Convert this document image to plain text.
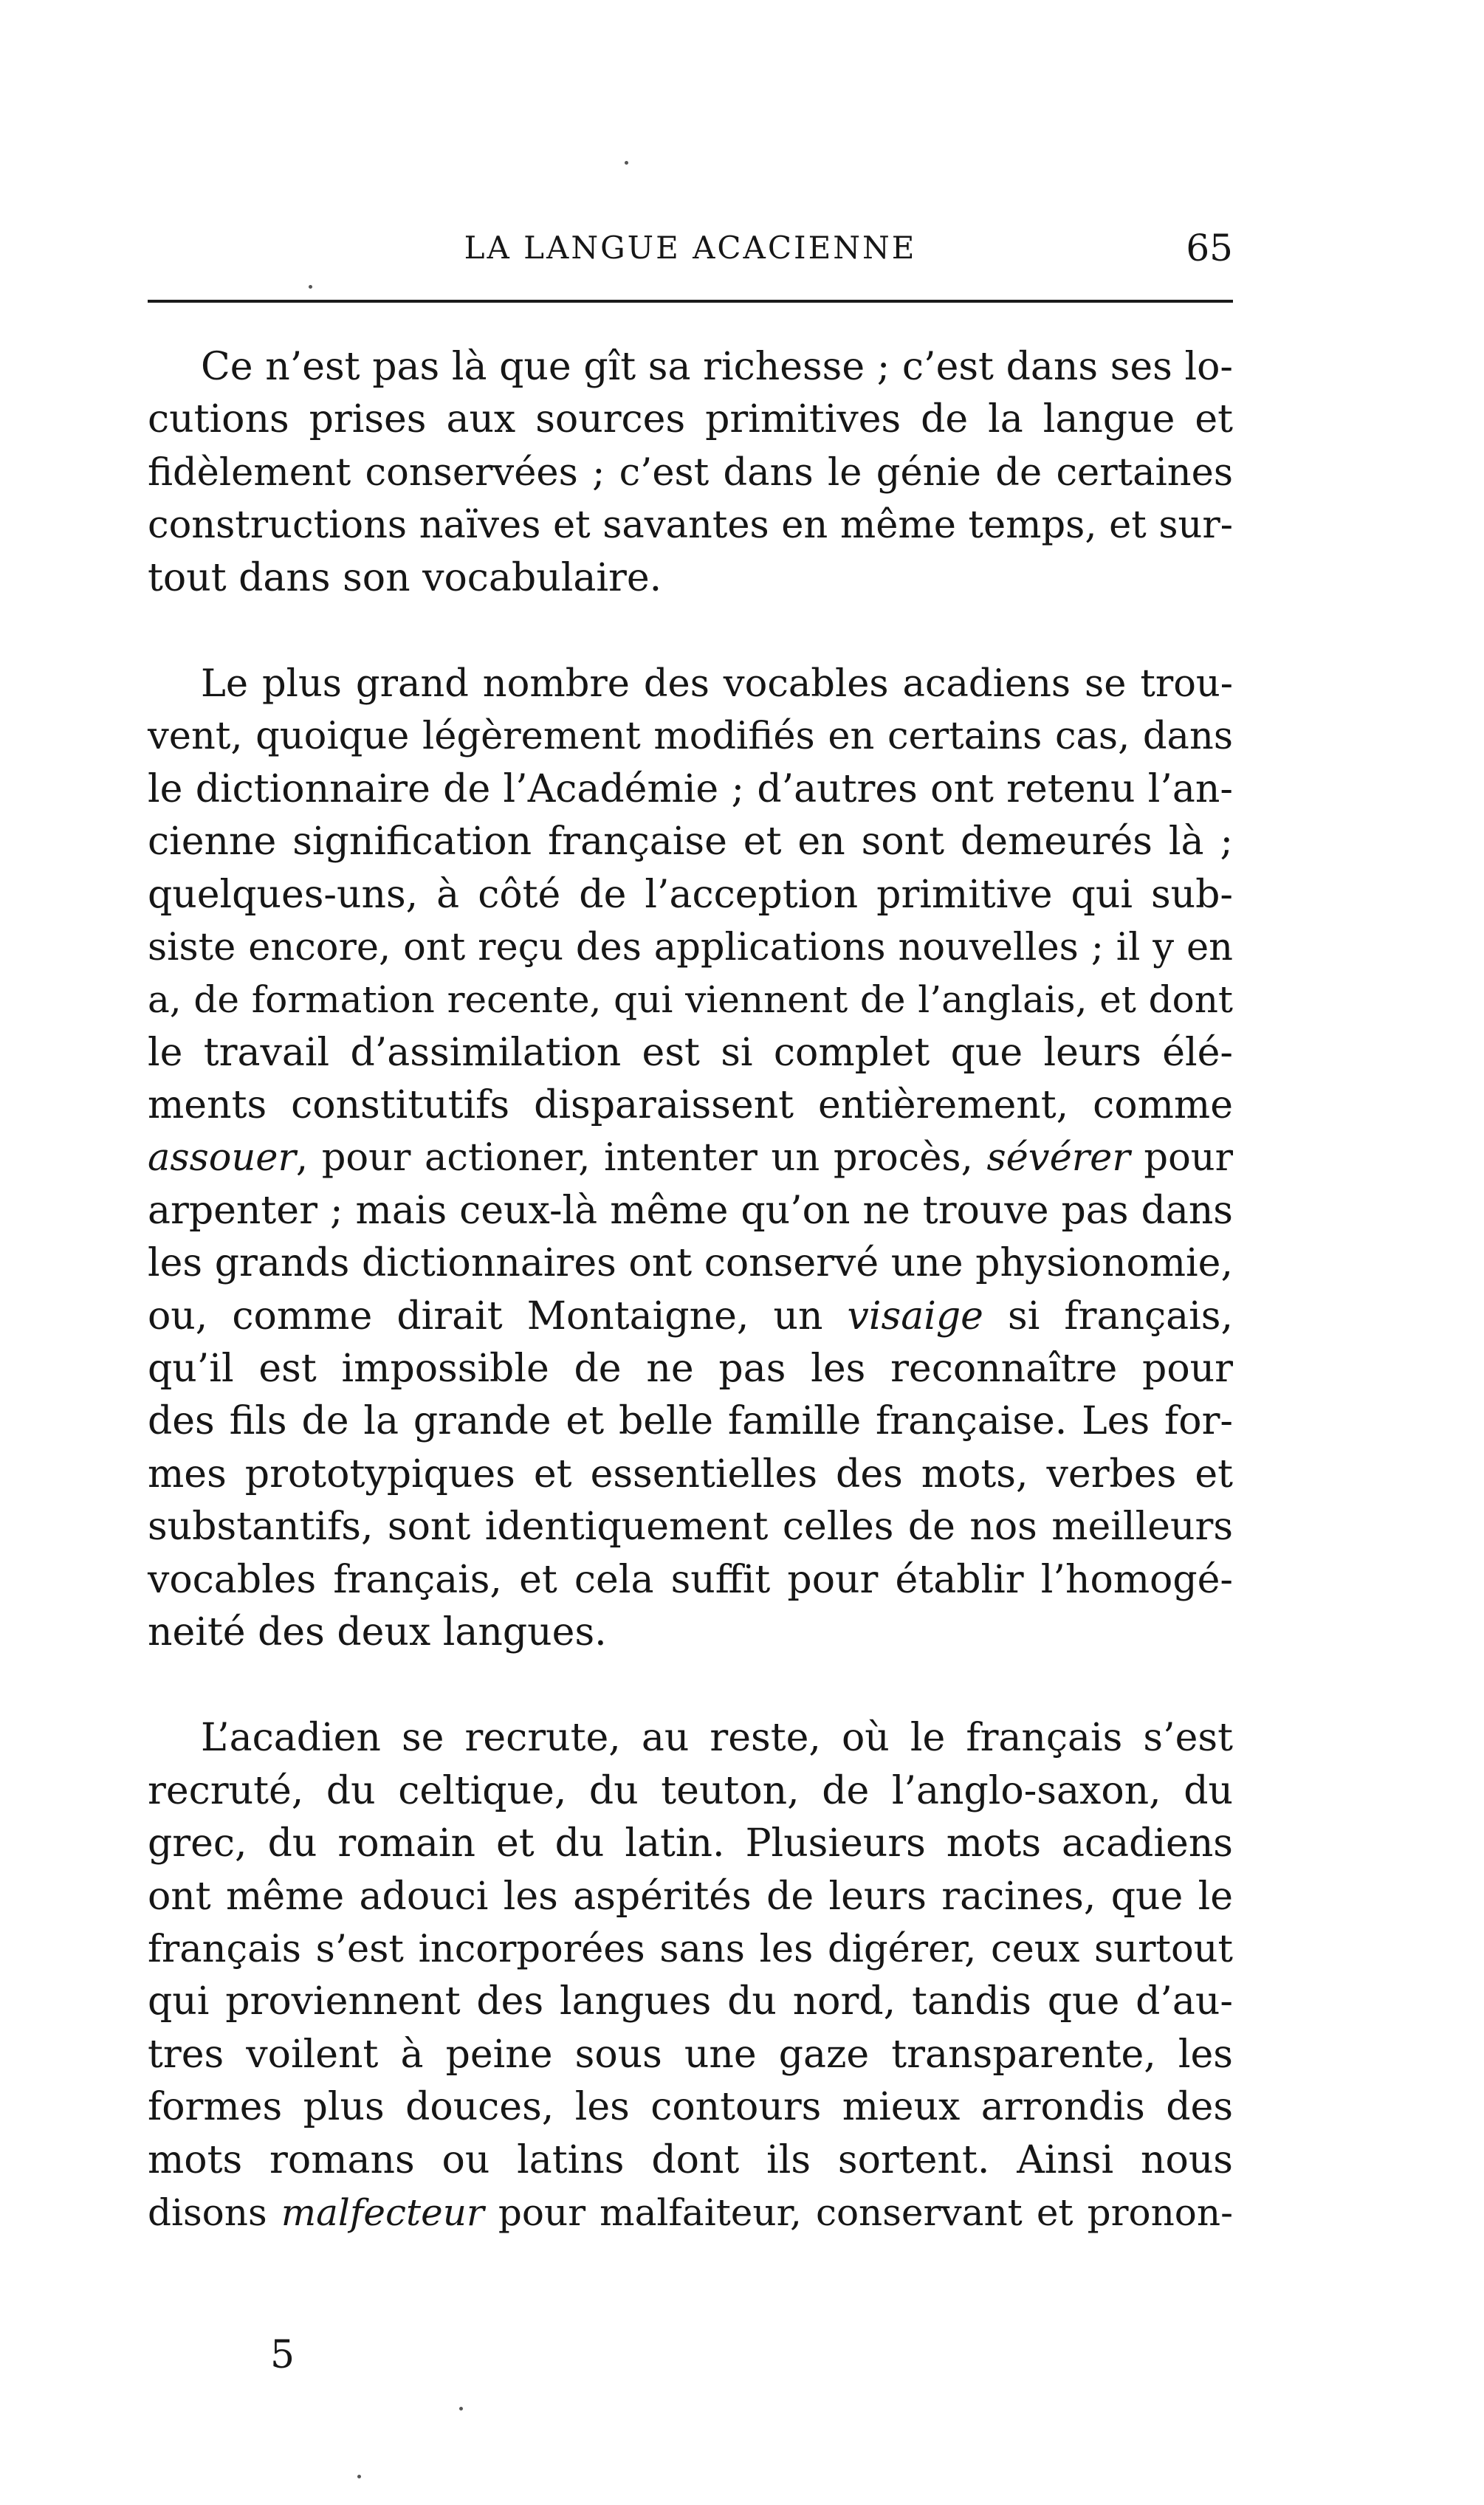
LA LANGUE ACACIENNE	65

Ce n’est pas là que gît sa richesse ; c’est dans ses lo-
cutions prises aux sources primitives de la langue et
fidèlement conservées ; c’est dans le génie de certaines
constructions naïves et savantes en même temps, et sur-
tout dans son vocabulaire.

Le plus grand nombre des vocables acadiens se trou-
vent, quoique légèrement modifiés en certains cas, dans
le dictionnaire de l’Académie ; d’autres ont retenu l’an-
cienne signification française et en sont demeurés là ;
quelques-uns, à côté de l’acception primitive qui sub-
siste encore, ont reçu des applications nouvelles ; il y en
a, de formation recente, qui viennent de l’anglais, et dont
le travail d’assimilation est si complet que leurs élé-
ments constitutifs disparaissent entièrement, comme
assouer, pour actioner, intenter un procès, sévérer pour
arpenter ; mais ceux-là même qu’on ne trouve pas dans
les grands dictionnaires ont conservé une physionomie,
ou, comme dirait Montaigne, un visaige si français,
qu’il est impossible de ne pas les reconnaître pour
des fils de la grande et belle famille française. Les for-
mes prototypiques et essentielles des mots, verbes et
substantifs, sont identiquement celles de nos meilleurs
vocables français, et cela suffit pour établir l’homogé-
neité des deux langues.

L’acadien se recrute, au reste, où le français s’est
recruté, du celtique, du teuton, de l’anglo-saxon, du
grec, du romain et du latin. Plusieurs mots acadiens
ont même adouci les aspérités de leurs racines, que le
français s’est incorporées sans les digérer, ceux surtout
qui proviennent des langues du nord, tandis que d’au-
tres voilent à peine sous une gaze transparente, les
formes plus douces, les contours mieux arrondis des
mots romans ou latins dont ils sortent. Ainsi nous
disons malfecteur pour malfaiteur, conservant et pronon-

5
